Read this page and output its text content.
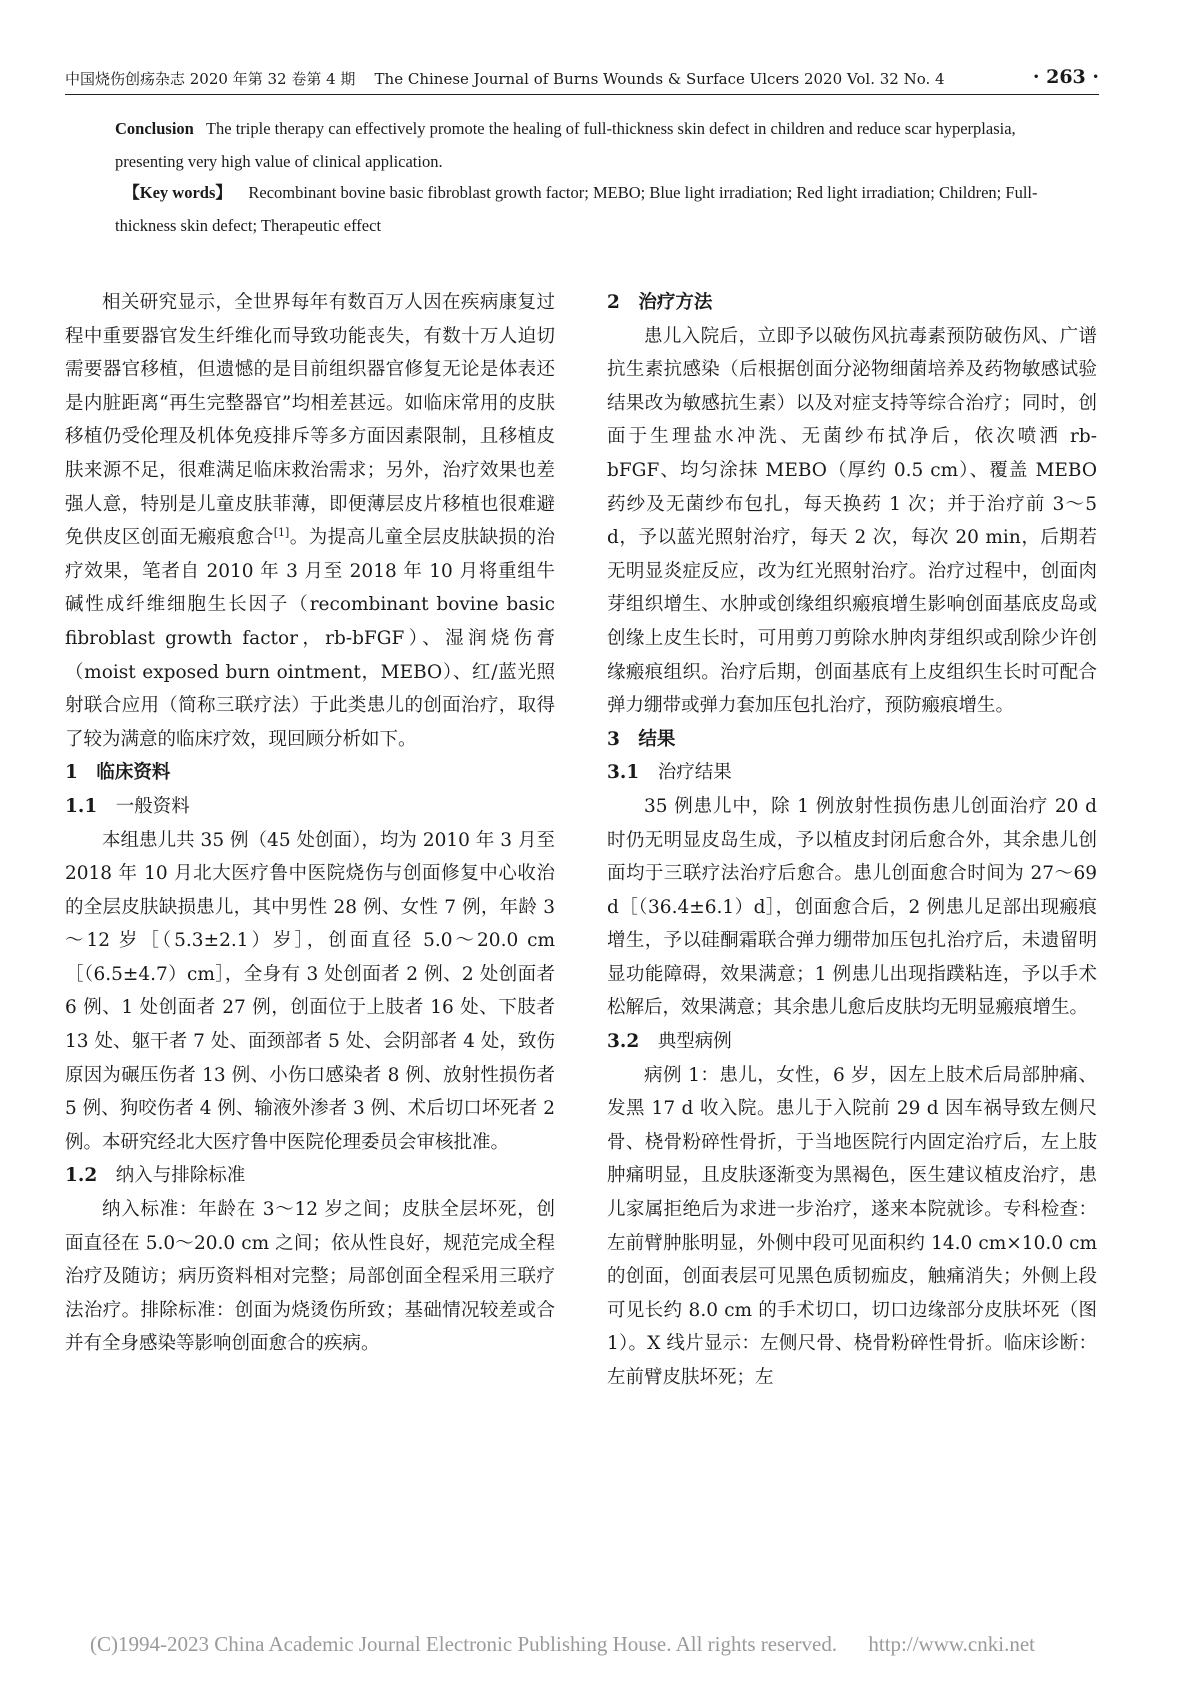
中国烧伤创疡杂志 2020 年第 32 卷第 4 期 The Chinese Journal of Burns Wounds & Surface Ulcers 2020 Vol. 32 No. 4	· 263 ·
Conclusion The triple therapy can effectively promote the healing of full-thickness skin defect in children and reduce scar hyperplasia, presenting very high value of clinical application.
【Key words】 Recombinant bovine basic fibroblast growth factor; MEBO; Blue light irradiation; Red light irradiation; Children; Full-thickness skin defect; Therapeutic effect

相关研究显示，全世界每年有数百万人因在疾病康复过程中重要器官发生纤维化而导致功能丧失，有数十万人迫切需要器官移植，但遗憾的是目前组织器官修复无论是体表还是内脏距离“再生完整器官”均相差甚远。如临床常用的皮肤移植仍受伦理及机体免疫排斥等多方面因素限制，且移植皮肤来源不足，很难满足临床救治需求；另外，治疗效果也差强人意，特别是儿童皮肤菲薄，即便薄层皮片移植也很难避免供皮区创面无瘢痕愈合[1]。为提高儿童全层皮肤缺损的治疗效果，笔者自 2010 年 3 月至 2018 年 10 月将重组牛碱性成纤维细胞生长因子（recombinant bovine basic fibroblast growth factor，rb-bFGF）、湿润烧伤膏（moist exposed burn ointment，MEBO）、红/蓝光照射联合应用（简称三联疗法）于此类患儿的创面治疗，取得了较为满意的临床疗效，现回顾分析如下。

1 临床资料
1.1 一般资料

本组患儿共 35 例（45 处创面），均为 2010 年 3 月至 2018 年 10 月北大医疗鲁中医院烧伤与创面修复中心收治的全层皮肤缺损患儿，其中男性 28 例、女性 7 例，年龄 3～12 岁［（5.3±2.1）岁］，创面直径 5.0～20.0 cm［（6.5±4.7）cm］，全身有 3 处创面者 2 例、2 处创面者 6 例、1 处创面者 27 例，创面位于上肢者 16 处、下肢者 13 处、躯干者 7 处、面颈部者 5 处、会阴部者 4 处，致伤原因为碾压伤者 13 例、小伤口感染者 8 例、放射性损伤者 5 例、狗咬伤者 4 例、输液外渗者 3 例、术后切口坏死者 2 例。本研究经北大医疗鲁中医院伦理委员会审核批准。

1.2 纳入与排除标准

纳入标准：年龄在 3～12 岁之间；皮肤全层坏死，创面直径在 5.0～20.0 cm 之间；依从性良好，规范完成全程治疗及随访；病历资料相对完整；局部创面全程采用三联疗法治疗。排除标准：创面为烧烫伤所致；基础情况较差或合并有全身感染等影响创面愈合的疾病。

2 治疗方法

患儿入院后，立即予以破伤风抗毒素预防破伤风、广谱抗生素抗感染（后根据创面分泌物细菌培养及药物敏感试验结果改为敏感抗生素）以及对症支持等综合治疗；同时，创面于生理盐水冲洗、无菌纱布拭净后，依次喷洒 rb-bFGF、均匀涂抹 MEBO（厚约 0.5 cm）、覆盖 MEBO 药纱及无菌纱布包扎，每天换药 1 次；并于治疗前 3～5 d，予以蓝光照射治疗，每天 2 次，每次 20 min，后期若无明显炎症反应，改为红光照射治疗。治疗过程中，创面肉芽组织增生、水肿或创缘组织瘢痕增生影响创面基底皮岛或创缘上皮生长时，可用剪刀剪除水肿肉芽组织或刮除少许创缘瘢痕组织。治疗后期，创面基底有上皮组织生长时可配合弹力绷带或弹力套加压包扎治疗，预防瘢痕增生。

3 结果
3.1 治疗结果

35 例患儿中，除 1 例放射性损伤患儿创面治疗 20 d 时仍无明显皮岛生成，予以植皮封闭后愈合外，其余患儿创面均于三联疗法治疗后愈合。患儿创面愈合时间为 27～69 d［（36.4±6.1）d］，创面愈合后，2 例患儿足部出现瘢痕增生，予以硅酮霜联合弹力绷带加压包扎治疗后，未遗留明显功能障碍，效果满意；1 例患儿出现指蹼粘连，予以手术松解后，效果满意；其余患儿愈后皮肤均无明显瘢痕增生。

3.2 典型病例

病例 1：患儿，女性，6 岁，因左上肢术后局部肿痛、发黑 17 d 收入院。患儿于入院前 29 d 因车祸导致左侧尺骨、桡骨粉碎性骨折，于当地医院行内固定治疗后，左上肢肿痛明显，且皮肤逐渐变为黑褐色，医生建议植皮治疗，患儿家属拒绝后为求进一步治疗，遂来本院就诊。专科检查：左前臂肿胀明显，外侧中段可见面积约 14.0 cm×10.0 cm 的创面，创面表层可见黑色质韧痂皮，触痛消失；外侧上段可见长约 8.0 cm 的手术切口，切口边缘部分皮肤坏死（图 1）。X 线片显示：左侧尺骨、桡骨粉碎性骨折。临床诊断：左前臂皮肤坏死；左

(C)1994-2023 China Academic Journal Electronic Publishing House. All rights reserved. http://www.cnki.net
